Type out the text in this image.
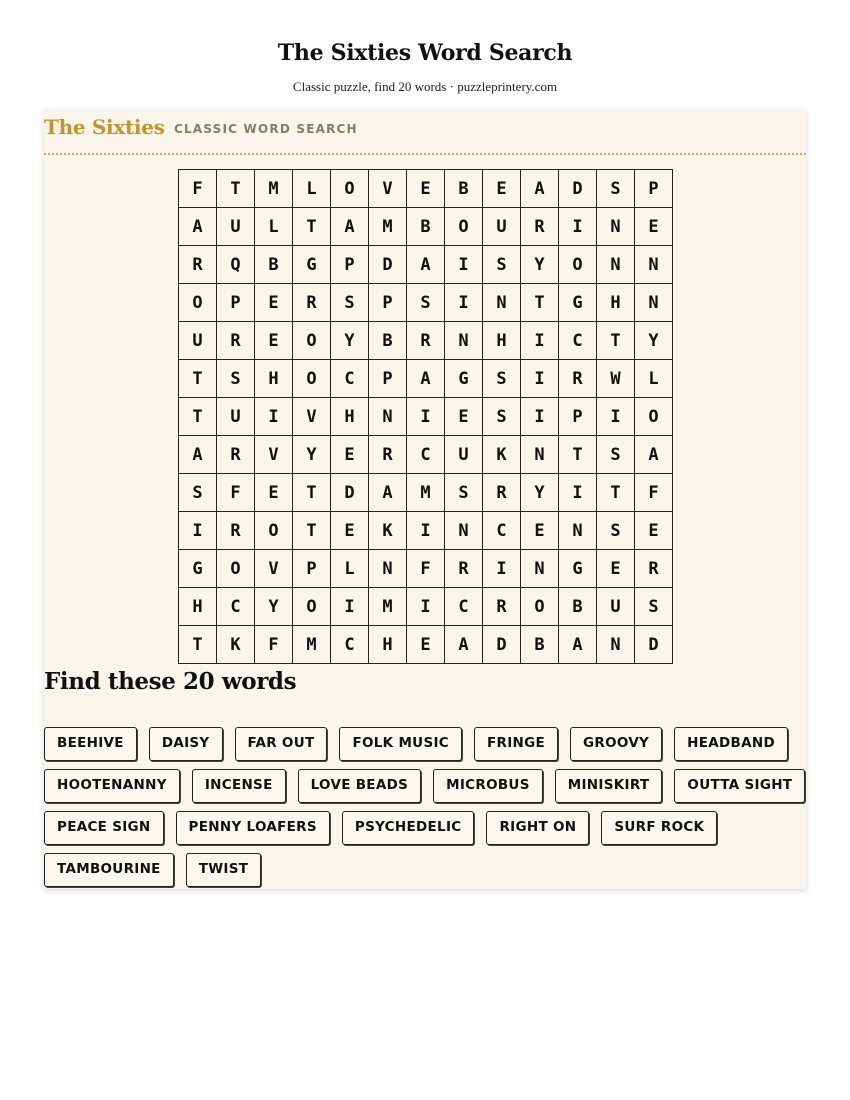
The Sixties Word Search
Classic puzzle, find 20 words · puzzleprintery.com
The Sixties CLASSIC WORD SEARCH
F	T	M	L	O	V	E	B	E	A	D	S	P
A	U	L	T	A	M	B	O	U	R	I	N	E
R	Q	B	G	P	D	A	I	S	Y	O	N	N
O	P	E	R	S	P	S	I	N	T	G	H	N
U	R	E	O	Y	B	R	N	H	I	C	T	Y
T	S	H	O	C	P	A	G	S	I	R	W	L
T	U	I	V	H	N	I	E	S	I	P	I	O
A	R	V	Y	E	R	C	U	K	N	T	S	A
S	F	E	T	D	A	M	S	R	Y	I	T	F
I	R	O	T	E	K	I	N	C	E	N	S	E
G	O	V	P	L	N	F	R	I	N	G	E	R
H	C	Y	O	I	M	I	C	R	O	B	U	S
T	K	F	M	C	H	E	A	D	B	A	N	D
Find these 20 words
BEEHIVE	DAISY	FAR OUT	FOLK MUSIC	FRINGE	GROOVY	HEADBAND
HOOTENANNY	INCENSE	LOVE BEADS	MICROBUS	MINISKIRT	OUTTA SIGHT
PEACE SIGN	PENNY LOAFERS	PSYCHEDELIC	RIGHT ON	SURF ROCK
TAMBOURINE	TWIST
